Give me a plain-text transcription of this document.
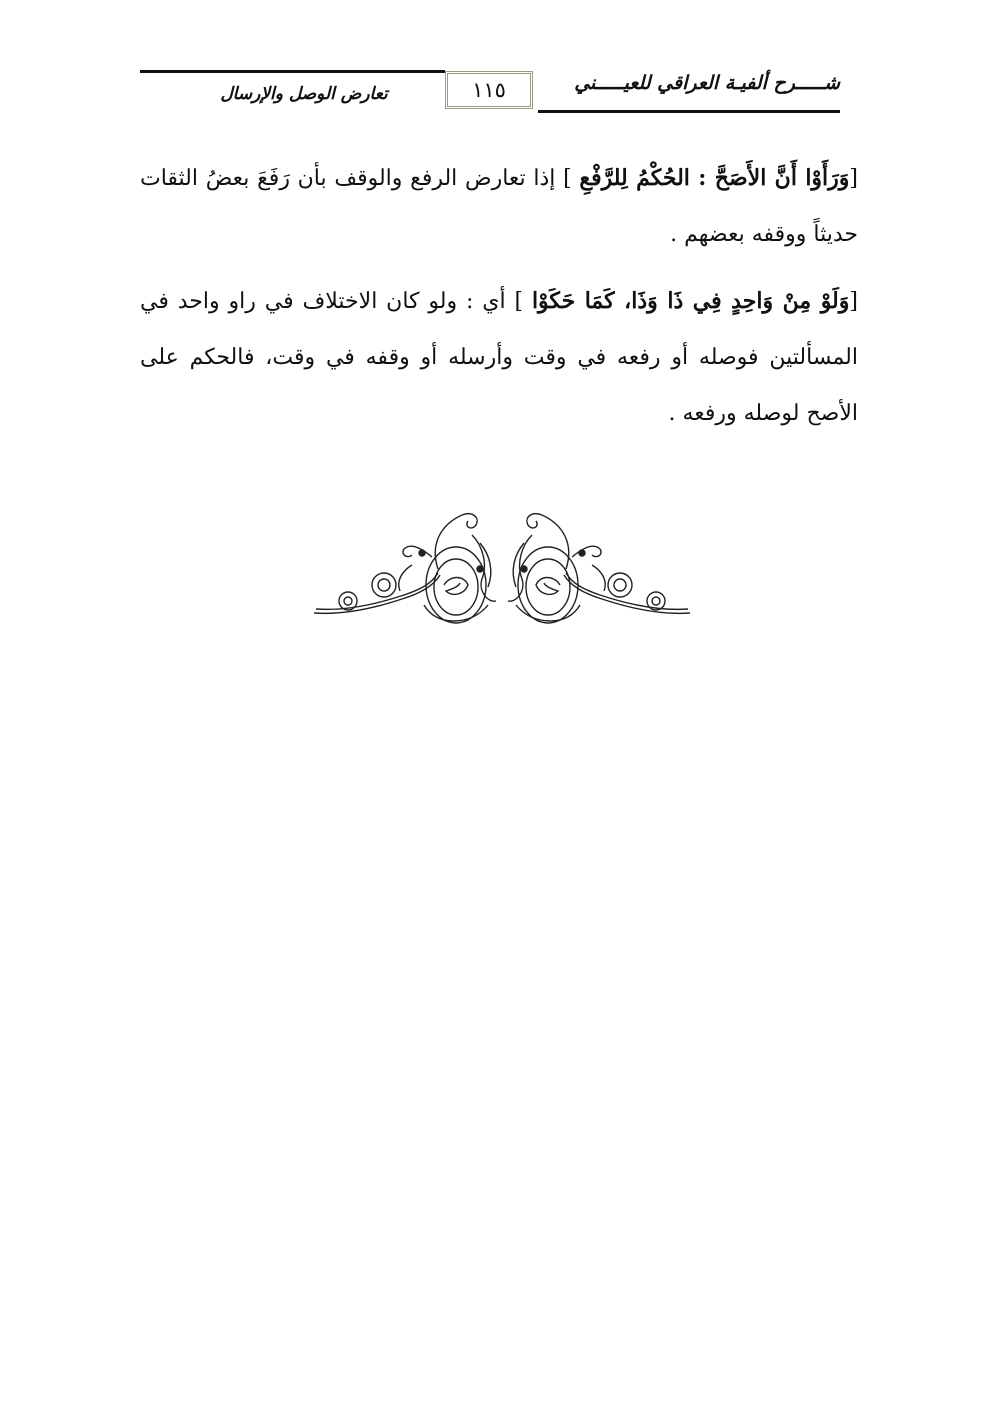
تعارض الوصل والإرسال	١١٥	شـــــرح ألفيـة العراقي للعيـــــني

[وَرَأَوْا أَنَّ الأَصَحَّ : الحُكْمُ لِلرَّفْعِ ] إذا تعارض الرفع والوقف بأن رَفَعَ بعضُ الثقات حديثاً ووقفه بعضهم .

[وَلَوْ مِنْ وَاحِدٍ فِي ذَا وَذَا، كَمَا حَكَوْا ] أي : ولو كان الاختلاف في راو واحد في المسألتين فوصله أو رفعه في وقت وأرسله أو وقفه في وقت، فالحكم على الأصح لوصله ورفعه .
